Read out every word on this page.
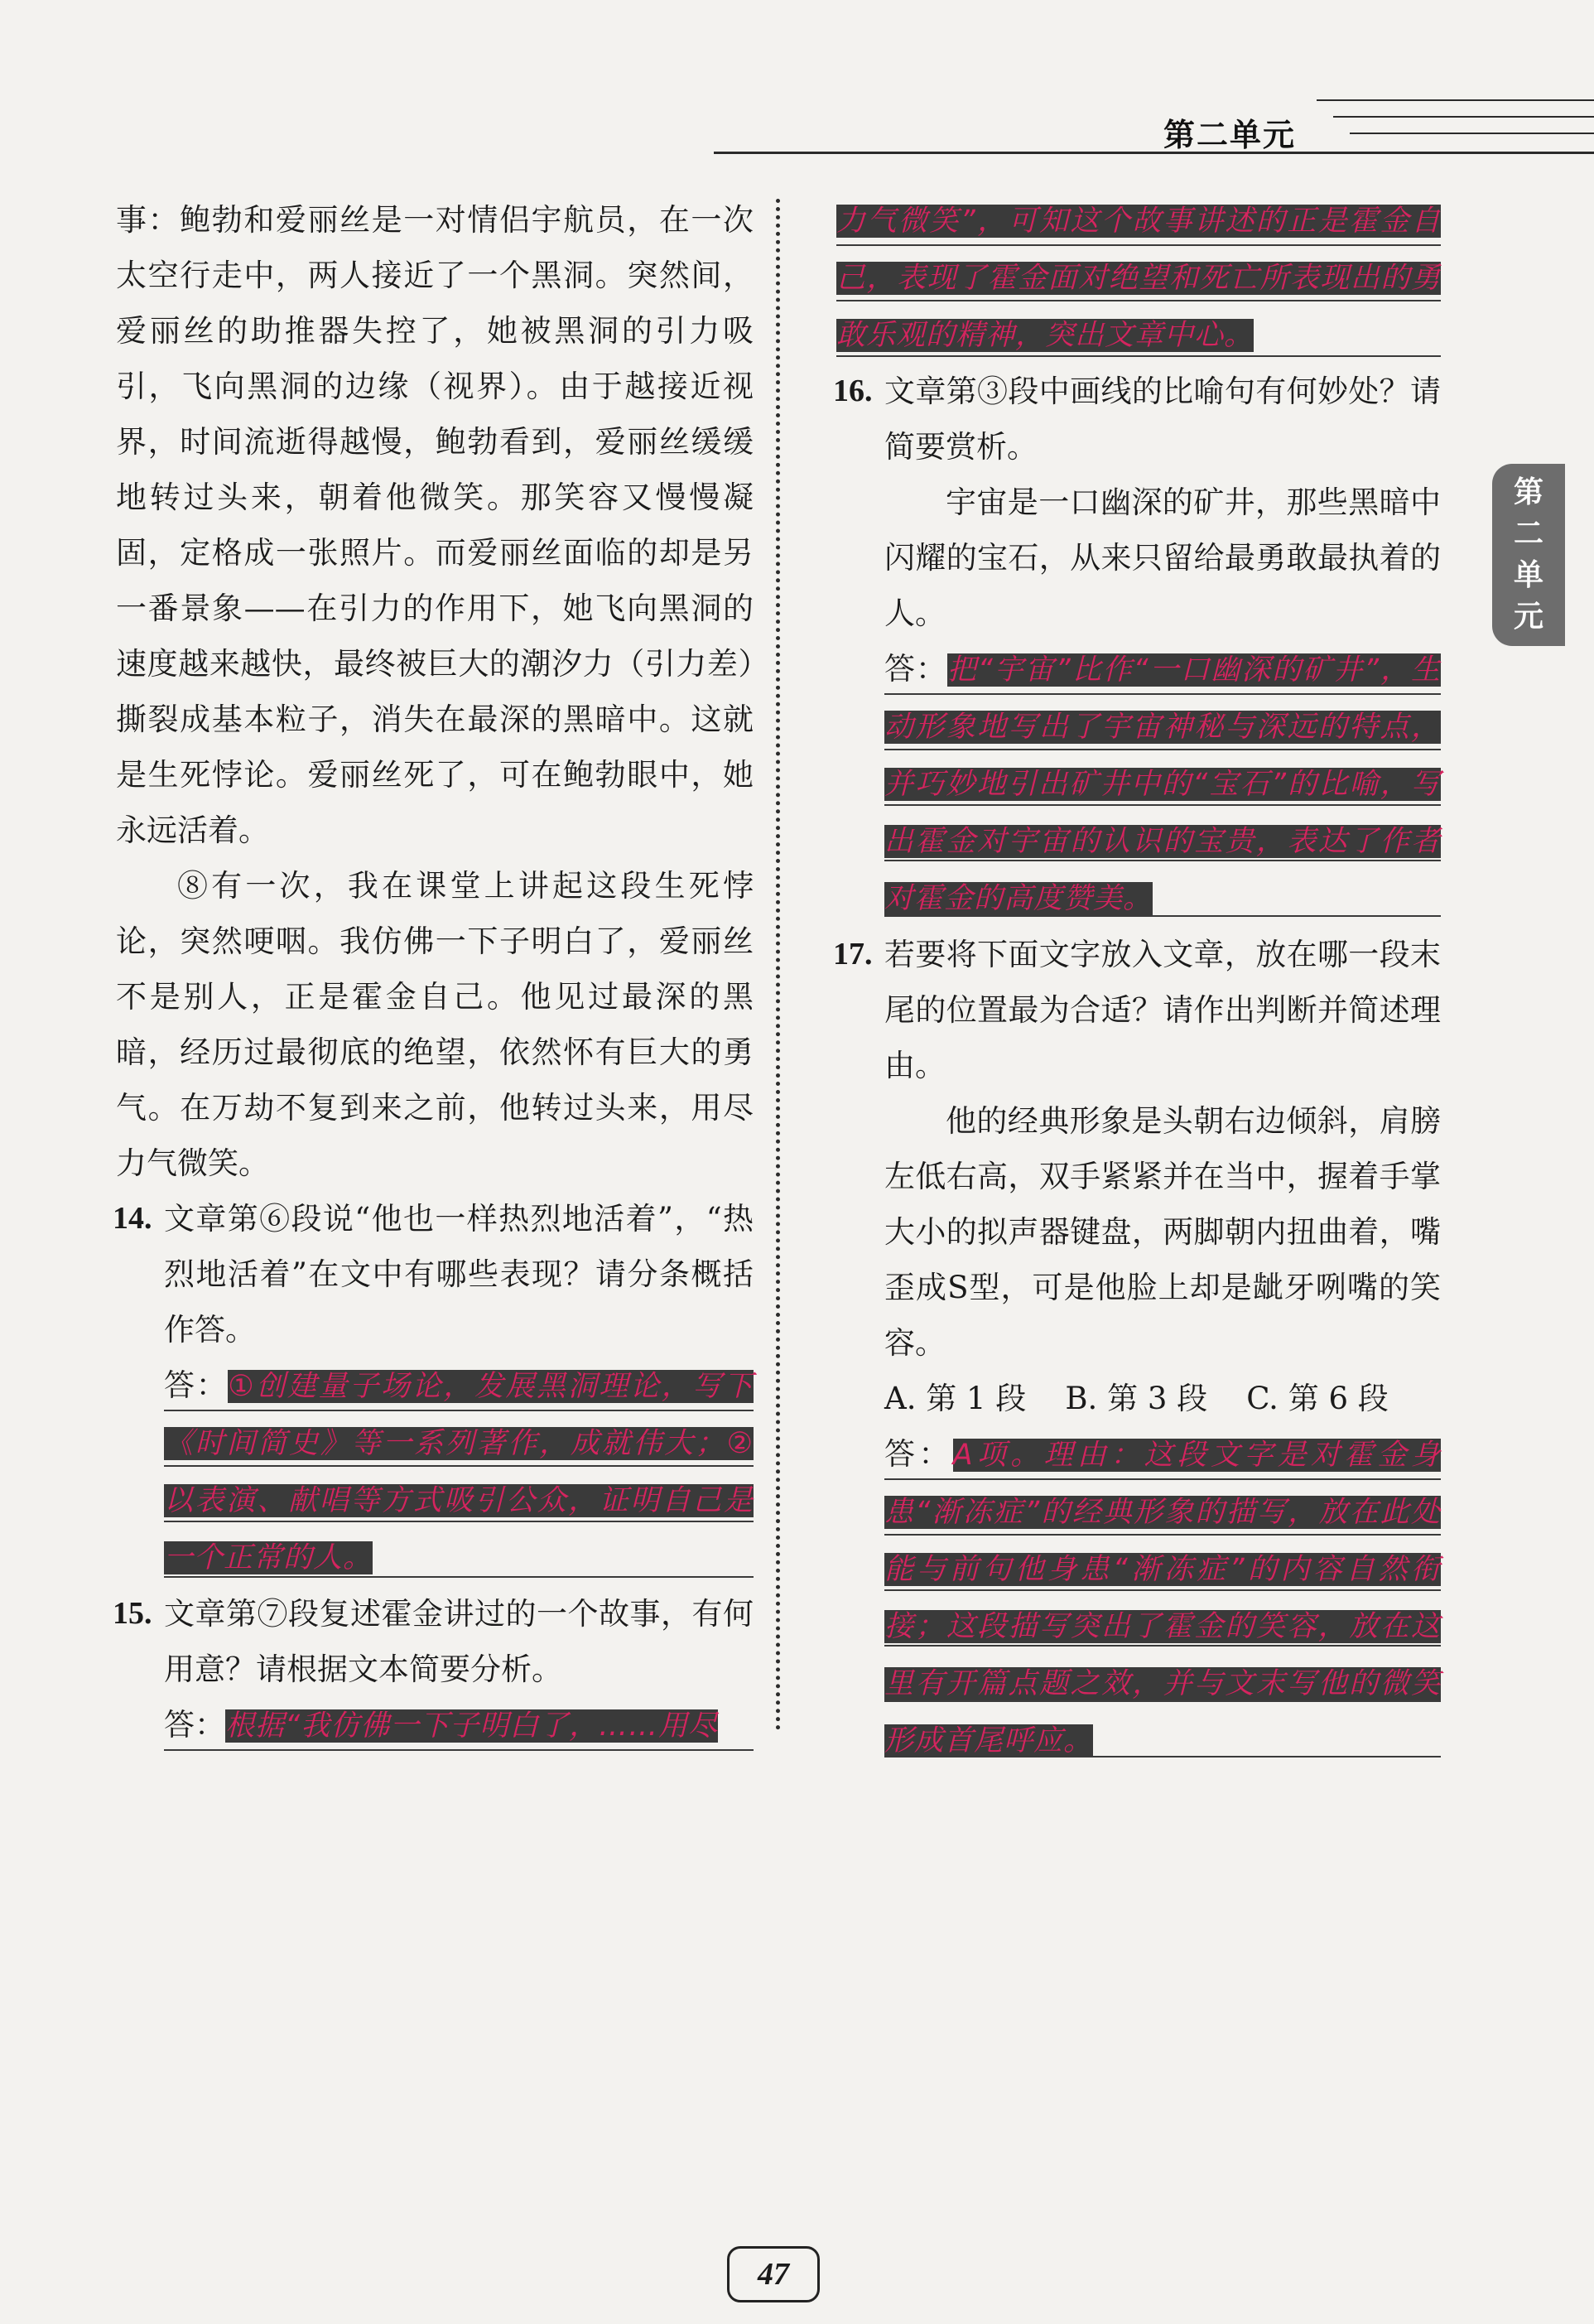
第二单元
第
二
单
元

事：鲍勃和爱丽丝是一对情侣宇航员，在一次太空行走中，两人接近了一个黑洞。突然间，爱丽丝的助推器失控了，她被黑洞的引力吸引，飞向黑洞的边缘（视界）。由于越接近视界，时间流逝得越慢，鲍勃看到，爱丽丝缓缓地转过头来，朝着他微笑。那笑容又慢慢凝固，定格成一张照片。而爱丽丝面临的却是另一番景象——在引力的作用下，她飞向黑洞的速度越来越快，最终被巨大的潮汐力（引力差）撕裂成基本粒子，消失在最深的黑暗中。这就是生死悖论。爱丽丝死了，可在鲍勃眼中，她永远活着。

⑧有一次，我在课堂上讲起这段生死悖论，突然哽咽。我仿佛一下子明白了，爱丽丝不是别人，正是霍金自己。他见过最深的黑暗，经历过最彻底的绝望，依然怀有巨大的勇气。在万劫不复到来之前，他转过头来，用尽力气微笑。

14. 文章第⑥段说“他也一样热烈地活着”，“热烈地活着”在文中有哪些表现？请分条概括作答。

答：①创建量子场论，发展黑洞理论，写下《时间简史》等一系列著作，成就伟大；②以表演、献唱等方式吸引公众，证明自己是一个正常的人。

15. 文章第⑦段复述霍金讲过的一个故事，有何用意？请根据文本简要分析。

答：根据“我仿佛一下子明白了，……用尽

力气微笑”，可知这个故事讲述的正是霍金自己，表现了霍金面对绝望和死亡所表现出的勇敢乐观的精神，突出文章中心。

16. 文章第③段中画线的比喻句有何妙处？请简要赏析。

宇宙是一口幽深的矿井，那些黑暗中闪耀的宝石，从来只留给最勇敢最执着的人。

答：把“宇宙”比作“一口幽深的矿井”，生动形象地写出了宇宙神秘与深远的特点，并巧妙地引出矿井中的“宝石”的比喻，写出霍金对宇宙的认识的宝贵，表达了作者对霍金的高度赞美。

17. 若要将下面文字放入文章，放在哪一段末尾的位置最为合适？请作出判断并简述理由。

他的经典形象是头朝右边倾斜，肩膀左低右高，双手紧紧并在当中，握着手掌大小的拟声器键盘，两脚朝内扭曲着，嘴歪成S型，可是他脸上却是龇牙咧嘴的笑容。

A. 第 1 段 B. 第 3 段 C. 第 6 段

答：A项。理由：这段文字是对霍金身患“渐冻症”的经典形象的描写，放在此处能与前句他身患“渐冻症”的内容自然衔接；这段描写突出了霍金的笑容，放在这里有开篇点题之效，并与文末写他的微笑形成首尾呼应。

47
